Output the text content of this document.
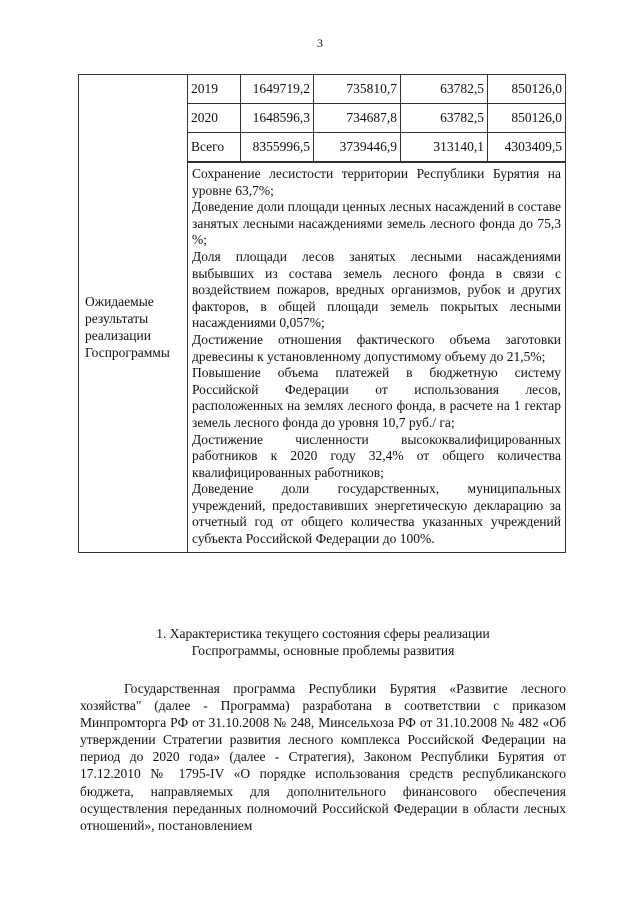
3
Ожидаемые
результаты
реализации
Госпрограммы

2019	1649719,2	735810,7	63782,5	850126,0
2020	1648596,3	734687,8	63782,5	850126,0
Всего	8355996,5	3739446,9	313140,1	4303409,5

Сохранение лесистости территории Республики Бурятия на уровне 63,7%;

Доведение доли площади ценных лесных насаждений в составе занятых лесными насаждениями земель лесного фонда до 75,3 %;

Доля площади лесов занятых лесными насаждениями выбывших из состава земель лесного фонда в связи с воздействием пожаров, вредных организмов, рубок и других факторов, в общей площади земель покрытых лесными насаждениями 0,057%;

Достижение отношения фактического объема заготовки древесины к установленному допустимому объему до 21,5%;

Повышение объема платежей в бюджетную систему Российской Федерации от использования лесов, расположенных на землях лесного фонда, в расчете на 1 гектар земель лесного фонда до уровня 10,7 руб./ га;

Достижение численности высококвалифицированных работников к 2020 году 32,4% от общего количества квалифицированных работников;

Доведение доли государственных, муниципальных учреждений, предоставивших энергетическую декларацию за отчетный год от общего количества указанных учреждений субъекта Российской Федерации до 100%.

1. Характеристика текущего состояния сферы реализации
Госпрограммы, основные проблемы развития

Государственная программа Республики Бурятия «Развитие лесного хозяйства" (далее - Программа) разработана в соответствии с приказом Минпромторга РФ от 31.10.2008 № 248, Минсельхоза РФ от 31.10.2008 № 482 «Об утверждении Стратегии развития лесного комплекса Российской Федерации на период до 2020 года» (далее - Стратегия), Законом Республики Бурятия от 17.12.2010 № 1795-IV «О порядке использования средств республиканского бюджета, направляемых для дополнительного финансового обеспечения осуществления переданных полномочий Российской Федерации в области лесных отношений», постановлением
